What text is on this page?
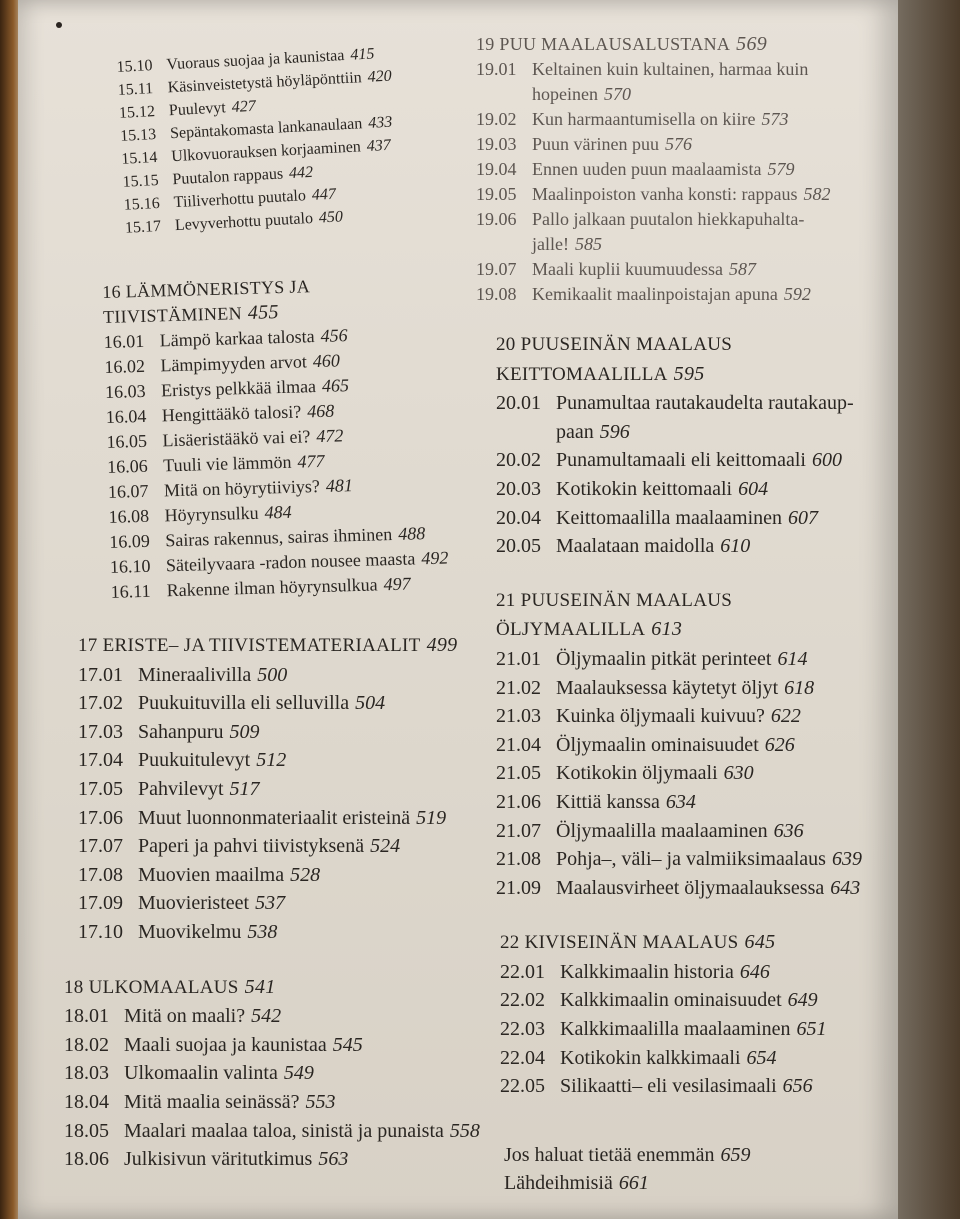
15.10 Vuoraus suojaa ja kaunistaa 415
15.11 Käsinveistetystä höyläpönttiin 420
15.12 Puulevyt 427
15.13 Sepäntakomasta lankanaulaan 433
15.14 Ulkovuorauksen korjaaminen 437
15.15 Puutalon rappaus 442
15.16 Tiiliverhottu puutalo 447
15.17 Levyverhottu puutalo 450
16 LÄMMÖNERISTYS JA
TIIVISTÄMINEN 455
16.01 Lämpö karkaa talosta 456
16.02 Lämpimyyden arvot 460
16.03 Eristys pelkkää ilmaa 465
16.04 Hengittääkö talosi? 468
16.05 Lisäeristääkö vai ei? 472
16.06 Tuuli vie lämmön 477
16.07 Mitä on höyrytiiviys? 481
16.08 Höyrynsulku 484
16.09 Sairas rakennus, sairas ihminen 488
16.10 Säteilyvaara -radon nousee maasta 492
16.11 Rakenne ilman höyrynsulkua 497
17 ERISTE– JA TIIVISTEMATERIAALIT 499
17.01 Mineraalivilla 500
17.02 Puukuituvilla eli selluvilla 504
17.03 Sahanpuru 509
17.04 Puukuitulevyt 512
17.05 Pahvilevyt 517
17.06 Muut luonnonmateriaalit eristeinä 519
17.07 Paperi ja pahvi tiivistyksenä 524
17.08 Muovien maailma 528
17.09 Muovieristeet 537
17.10 Muovikelmu 538
18 ULKOMAALAUS 541
18.01 Mitä on maali? 542
18.02 Maali suojaa ja kaunistaa 545
18.03 Ulkomaalin valinta 549
18.04 Mitä maalia seinässä? 553
18.05 Maalari maalaa taloa, sinistä ja punaista 558
18.06 Julkisivun väritutkimus 563
19 PUU MAALAUSALUSTANA 569
19.01 Keltainen kuin kultainen, harmaa kuin
hopeinen 570
19.02 Kun harmaantumisella on kiire 573
19.03 Puun värinen puu 576
19.04 Ennen uuden puun maalaamista 579
19.05 Maalinpoiston vanha konsti: rappaus 582
19.06 Pallo jalkaan puutalon hiekkapuhalta-
jalle! 585
19.07 Maali kuplii kuumuudessa 587
19.08 Kemikaalit maalinpoistajan apuna 592
20 PUUSEINÄN MAALAUS
KEITTOMAALILLA 595
20.01 Punamultaa rautakaudelta rautakaup-
paan 596
20.02 Punamultamaali eli keittomaali 600
20.03 Kotikokin keittomaali 604
20.04 Keittomaalilla maalaaminen 607
20.05 Maalataan maidolla 610
21 PUUSEINÄN MAALAUS
ÖLJYMAALILLA 613
21.01 Öljymaalin pitkät perinteet 614
21.02 Maalauksessa käytetyt öljyt 618
21.03 Kuinka öljymaali kuivuu? 622
21.04 Öljymaalin ominaisuudet 626
21.05 Kotikokin öljymaali 630
21.06 Kittiä kanssa 634
21.07 Öljymaalilla maalaaminen 636
21.08 Pohja–, väli– ja valmiiksimaalaus 639
21.09 Maalausvirheet öljymaalauksessa 643
22 KIVISEINÄN MAALAUS 645
22.01 Kalkkimaalin historia 646
22.02 Kalkkimaalin ominaisuudet 649
22.03 Kalkkimaalilla maalaaminen 651
22.04 Kotikokin kalkkimaali 654
22.05 Silikaatti– eli vesilasimaali 656
Jos haluat tietää enemmän 659
Lähdeihmisiä 661
